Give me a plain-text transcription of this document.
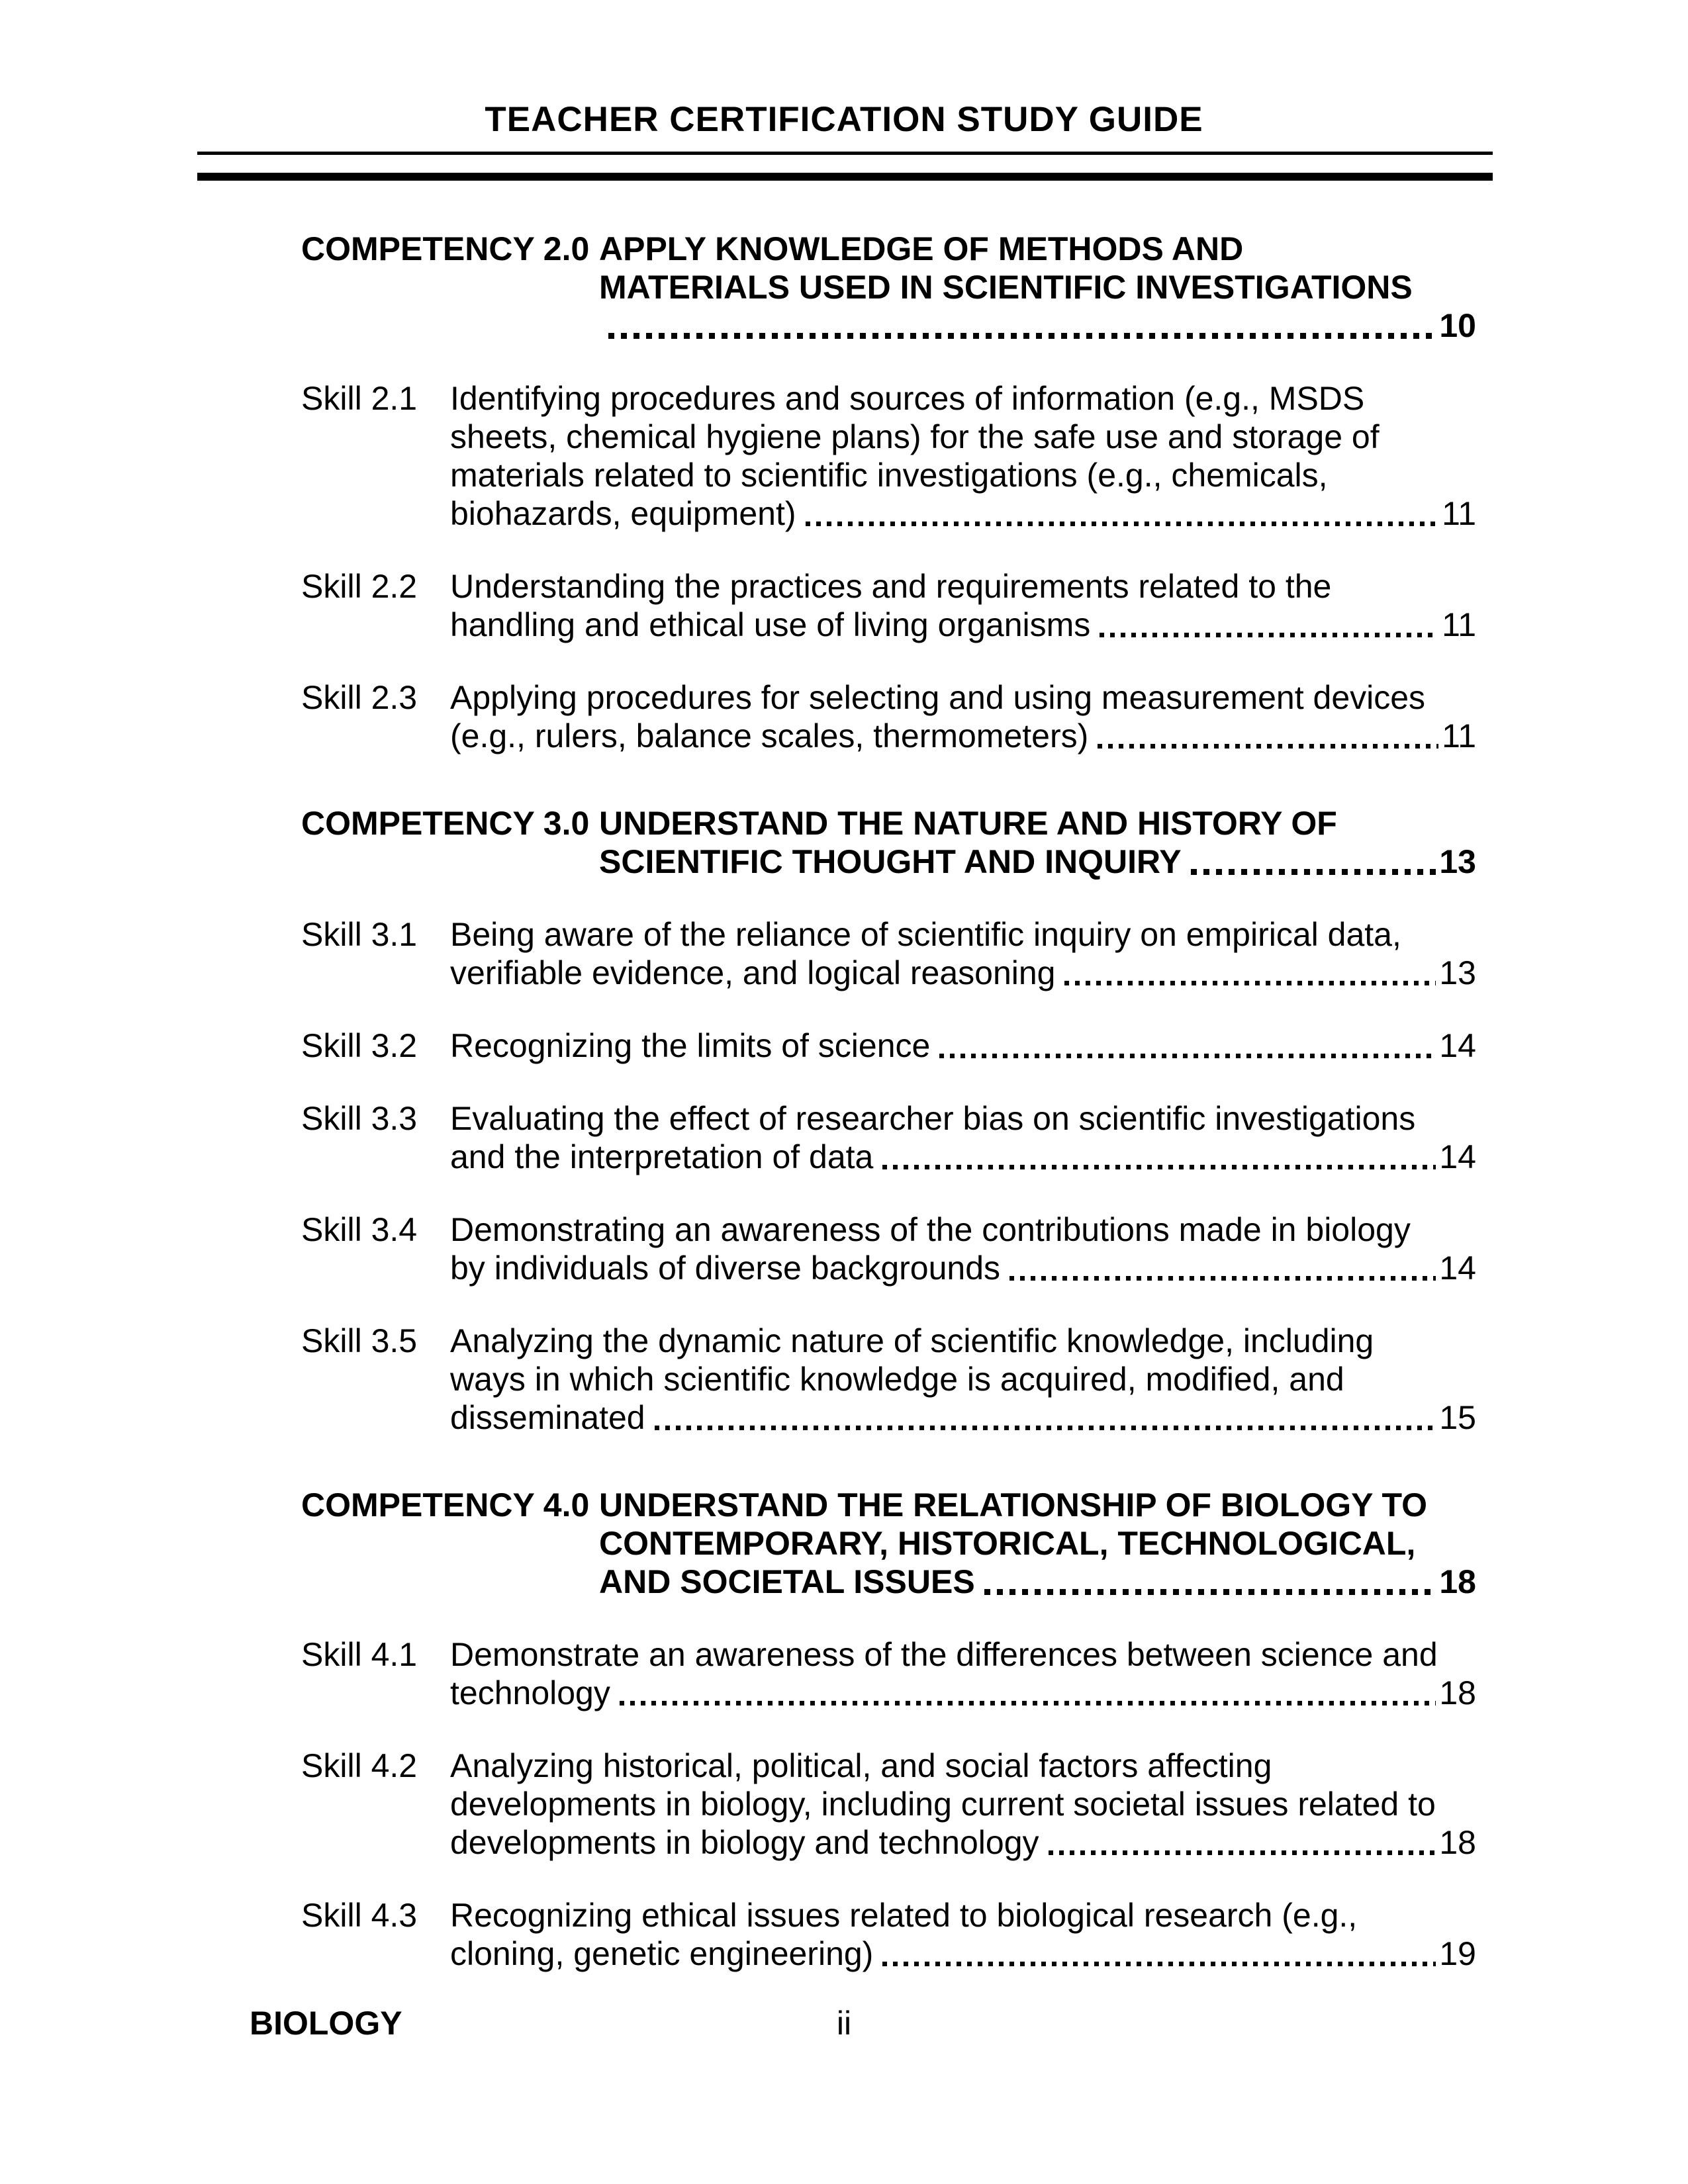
TEACHER CERTIFICATION STUDY GUIDE
COMPETENCY 2.0 APPLY KNOWLEDGE OF METHODS AND
MATERIALS USED IN SCIENTIFIC INVESTIGATIONS
10
Skill 2.1 Identifying procedures and sources of information (e.g., MSDS
sheets, chemical hygiene plans) for the safe use and storage of
materials related to scientific investigations (e.g., chemicals,
biohazards, equipment)	11
Skill 2.2 Understanding the practices and requirements related to the
handling and ethical use of living organisms	11
Skill 2.3 Applying procedures for selecting and using measurement devices
(e.g., rulers, balance scales, thermometers)	11
COMPETENCY 3.0 UNDERSTAND THE NATURE AND HISTORY OF
SCIENTIFIC THOUGHT AND INQUIRY	13
Skill 3.1 Being aware of the reliance of scientific inquiry on empirical data,
verifiable evidence, and logical reasoning	13
Skill 3.2 Recognizing the limits of science	14
Skill 3.3 Evaluating the effect of researcher bias on scientific investigations
and the interpretation of data	14
Skill 3.4 Demonstrating an awareness of the contributions made in biology
by individuals of diverse backgrounds	14
Skill 3.5 Analyzing the dynamic nature of scientific knowledge, including
ways in which scientific knowledge is acquired, modified, and
disseminated	15
COMPETENCY 4.0 UNDERSTAND THE RELATIONSHIP OF BIOLOGY TO
CONTEMPORARY, HISTORICAL, TECHNOLOGICAL,
AND SOCIETAL ISSUES	18
Skill 4.1 Demonstrate an awareness of the differences between science and
technology	18
Skill 4.2 Analyzing historical, political, and social factors affecting
developments in biology, including current societal issues related to
developments in biology and technology	18
Skill 4.3 Recognizing ethical issues related to biological research (e.g.,
cloning, genetic engineering)	19
BIOLOGY	ii
